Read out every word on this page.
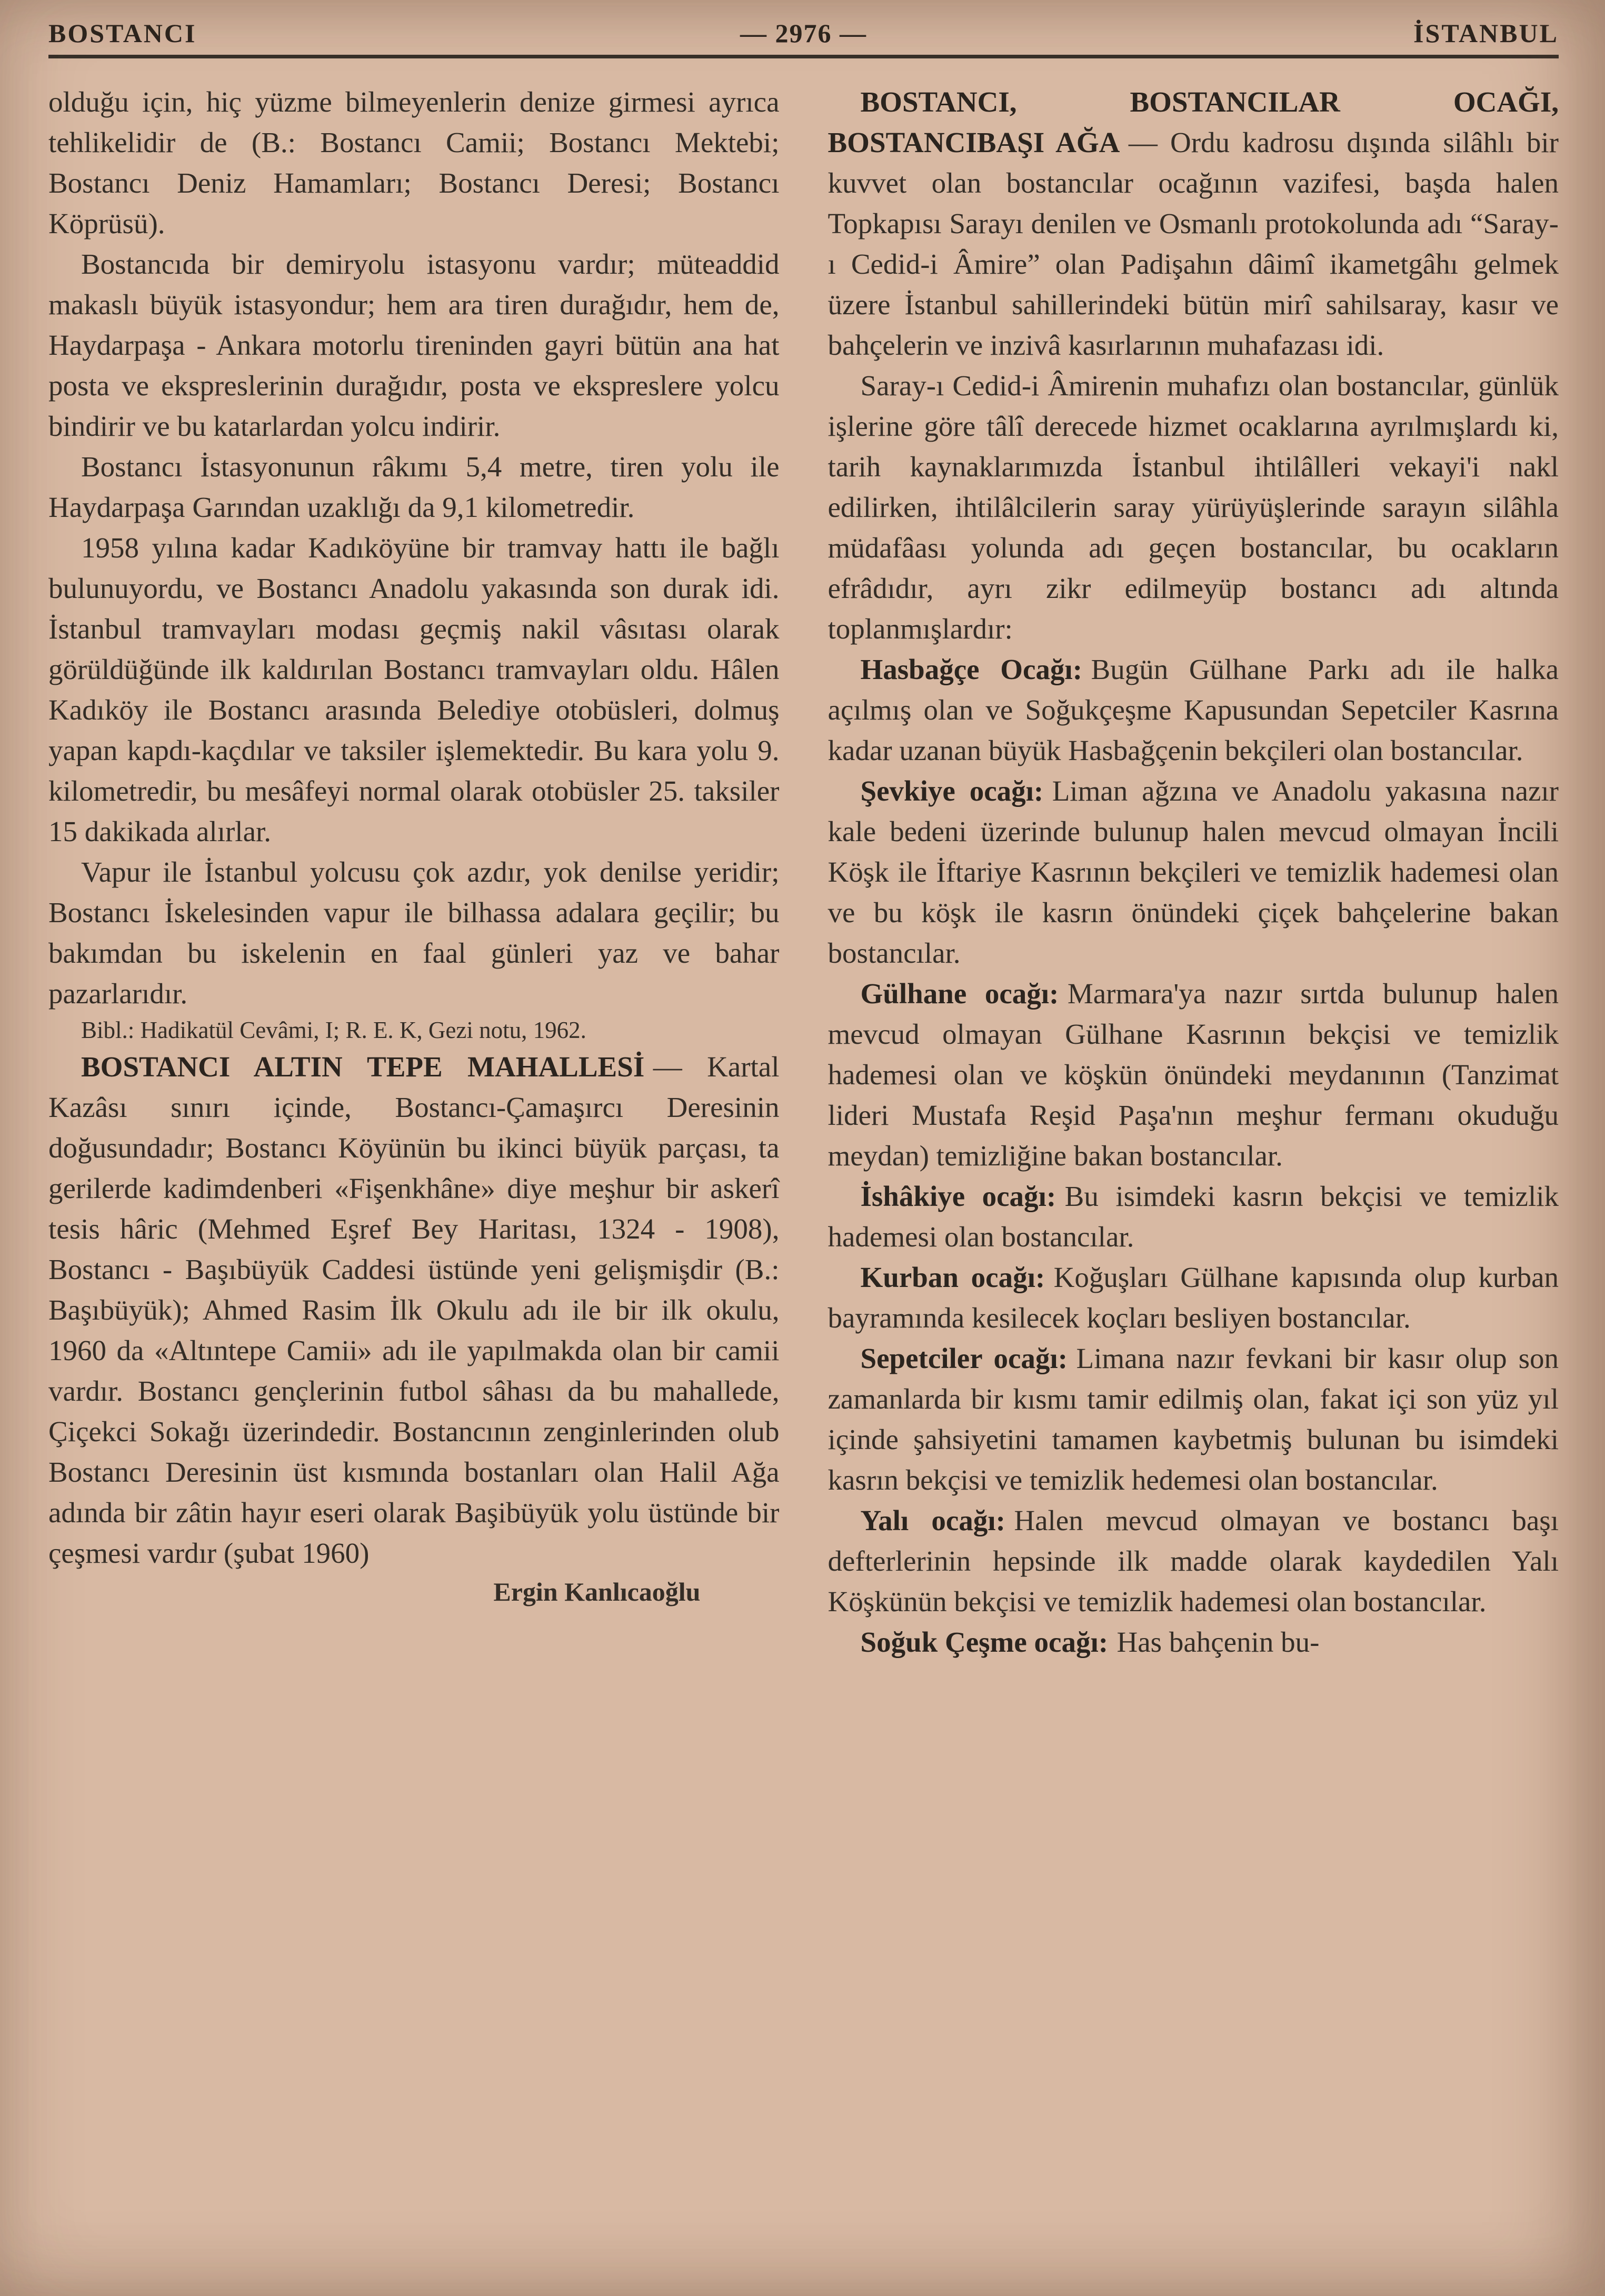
BOSTANCI	— 2976 —	İSTANBUL

olduğu için, hiç yüzme bilmeyenlerin denize girmesi ayrıca tehlikelidir de (B.: Bostancı Camii; Bostancı Mektebi; Bostancı Deniz Hamamları; Bostancı Deresi; Bostancı Köprüsü).

Bostancıda bir demiryolu istasyonu vardır; müteaddid makaslı büyük istasyondur; hem ara tiren durağıdır, hem de, Haydarpaşa - Ankara motorlu tireninden gayri bütün ana hat posta ve ekspreslerinin durağıdır, posta ve ekspreslere yolcu bindirir ve bu katarlardan yolcu indirir.

Bostancı İstasyonunun râkımı 5,4 metre, tiren yolu ile Haydarpaşa Garından uzaklığı da 9,1 kilometredir.

1958 yılına kadar Kadıköyüne bir tramvay hattı ile bağlı bulunuyordu, ve Bostancı Anadolu yakasında son durak idi. İstanbul tramvayları modası geçmiş nakil vâsıtası olarak görüldüğünde ilk kaldırılan Bostancı tramvayları oldu. Hâlen Kadıköy ile Bostancı arasında Belediye otobüsleri, dolmuş yapan kapdı-kaçdılar ve taksiler işlemektedir. Bu kara yolu 9. kilometredir, bu mesâfeyi normal olarak otobüsler 25. taksiler 15 dakikada alırlar.

Vapur ile İstanbul yolcusu çok azdır, yok denilse yeridir; Bostancı İskelesinden vapur ile bilhassa adalara geçilir; bu bakımdan bu iskelenin en faal günleri yaz ve bahar pazarlarıdır.

Bibl.: Hadikatül Cevâmi, I; R. E. K, Gezi notu, 1962.

BOSTANCI ALTIN TEPE MAHALLESİ — Kartal Kazâsı sınırı içinde, Bostancı-Çamaşırcı Deresinin doğusundadır; Bostancı Köyünün bu ikinci büyük parçası, ta gerilerde kadimdenberi «Fişenkhâne» diye meşhur bir askerî tesis hâric (Mehmed Eşref Bey Haritası, 1324 - 1908), Bostancı - Başıbüyük Caddesi üstünde yeni gelişmişdir (B.: Başıbüyük); Ahmed Rasim İlk Okulu adı ile bir ilk okulu, 1960 da «Altıntepe Camii» adı ile yapılmakda olan bir camii vardır. Bostancı gençlerinin futbol sâhası da bu mahallede, Çiçekci Sokağı üzerindedir. Bostancının zenginlerinden olub Bostancı Deresinin üst kısmında bostanları olan Halil Ağa adında bir zâtin hayır eseri olarak Başibüyük yolu üstünde bir çeşmesi vardır (şubat 1960)

Ergin Kanlıcaoğlu

BOSTANCI, BOSTANCILAR OCAĞI, BOSTANCIBAŞI AĞA — Ordu kadrosu dışında silâhlı bir kuvvet olan bostancılar ocağının vazifesi, başda halen Topkapısı Sarayı denilen ve Osmanlı protokolunda adı “Saray-ı Cedid-i Âmire” olan Padişahın dâimî ikametgâhı gelmek üzere İstanbul sahillerindeki bütün mirî sahilsaray, kasır ve bahçelerin ve inzivâ kasırlarının muhafazası idi.

Saray-ı Cedid-i Âmirenin muhafızı olan bostancılar, günlük işlerine göre tâlî derecede hizmet ocaklarına ayrılmışlardı ki, tarih kaynaklarımızda İstanbul ihtilâlleri vekayi'i nakl edilirken, ihtilâlcilerin saray yürüyüşlerinde sarayın silâhla müdafâası yolunda adı geçen bostancılar, bu ocakların efrâdıdır, ayrı zikr edilmeyüp bostancı adı altında toplanmışlardır:

Hasbağçe Ocağı: Bugün Gülhane Parkı adı ile halka açılmış olan ve Soğukçeşme Kapusundan Sepetciler Kasrına kadar uzanan büyük Hasbağçenin bekçileri olan bostancılar.

Şevkiye ocağı: Liman ağzına ve Anadolu yakasına nazır kale bedeni üzerinde bulunup halen mevcud olmayan İncili Köşk ile İftariye Kasrının bekçileri ve temizlik hademesi olan ve bu köşk ile kasrın önündeki çiçek bahçelerine bakan bostancılar.

Gülhane ocağı: Marmara'ya nazır sırtda bulunup halen mevcud olmayan Gülhane Kasrının bekçisi ve temizlik hademesi olan ve köşkün önündeki meydanının (Tanzimat lideri Mustafa Reşid Paşa'nın meşhur fermanı okuduğu meydan) temizliğine bakan bostancılar.

İshâkiye ocağı: Bu isimdeki kasrın bekçisi ve temizlik hademesi olan bostancılar.

Kurban ocağı: Koğuşları Gülhane kapısında olup kurban bayramında kesilecek koçları besliyen bostancılar.

Sepetciler ocağı: Limana nazır fevkani bir kasır olup son zamanlarda bir kısmı tamir edilmiş olan, fakat içi son yüz yıl içinde şahsiyetini tamamen kaybetmiş bulunan bu isimdeki kasrın bekçisi ve temizlik hedemesi olan bostancılar.

Yalı ocağı: Halen mevcud olmayan ve bostancı başı defterlerinin hepsinde ilk madde olarak kaydedilen Yalı Köşkünün bekçisi ve temizlik hademesi olan bostancılar.

Soğuk Çeşme ocağı: Has bahçenin bu-
